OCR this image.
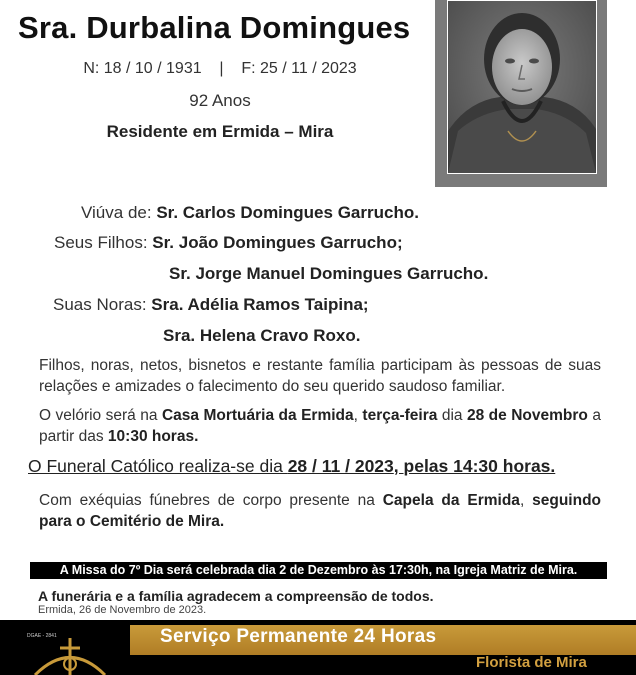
Sra. Durbalina Domingues
N: 18 / 10 / 1931    |    F: 25 / 11 / 2023
92 Anos
Residente em Ermida – Mira
Viúva de: Sr. Carlos Domingues Garrucho.
Seus Filhos: Sr. João Domingues Garrucho;
Sr. Jorge Manuel Domingues Garrucho.
Suas Noras: Sra. Adélia Ramos Taipina;
Sra. Helena Cravo Roxo.
Filhos, noras, netos, bisnetos e restante família participam às pessoas de suas relações e amizades o falecimento do seu querido saudoso familiar.
O velório será na Casa Mortuária da Ermida, terça-feira dia 28 de Novembro a partir das 10:30 horas.
O Funeral Católico realiza-se dia 28 / 11 / 2023, pelas 14:30 horas.
Com exéquias fúnebres de corpo presente na Capela da Ermida, seguindo para o Cemitério de Mira.
A Missa do 7º Dia será celebrada dia 2 de Dezembro às 17:30h, na Igreja Matriz de Mira.
A funerária e a família agradecem a compreensão de todos.
Ermida, 26 de Novembro de 2023.
DGAE - 2841	Serviço Permanente 24 Horas
Florista de Mira
